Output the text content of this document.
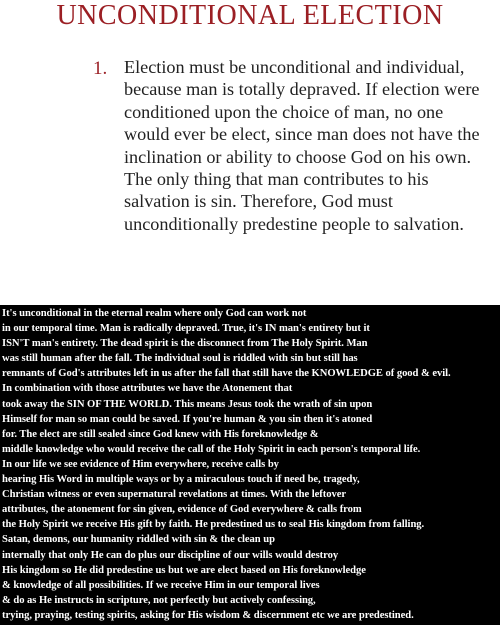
UNCONDITIONAL ELECTION
1. Election must be unconditional and individual, because man is totally depraved. If election were conditioned upon the choice of man, no one would ever be elect, since man does not have the inclination or ability to choose God on his own. The only thing that man contributes to his salvation is sin. Therefore, God must unconditionally predestine people to salvation.
It's unconditional in the eternal realm where only God can work not
in our temporal time. Man is radically depraved. True, it's IN man's entirety but it
ISN'T man's entirety. The dead spirit is the disconnect from The Holy Spirit. Man
was still human after the fall. The individual soul is riddled with sin but still has
remnants of God's attributes left in us after the fall that still have the KNOWLEDGE of good & evil.
In combination with those attributes we have the Atonement that
took away the SIN OF THE WORLD. This means Jesus took the wrath of sin upon
Himself for man so man could be saved. If you're human & you sin then it's atoned
for. The elect are still sealed since God knew with His foreknowledge &
middle knowledge who would receive the call of the Holy Spirit in each person's temporal life.
In our life we see evidence of Him everywhere, receive calls by
hearing His Word in multiple ways or by a miraculous touch if need be, tragedy,
Christian witness or even supernatural revelations at times. With the leftover
attributes, the atonement for sin given, evidence of God everywhere & calls from
the Holy Spirit we receive His gift by faith. He predestined us to seal His kingdom from falling.
Satan, demons, our humanity riddled with sin & the clean up
internally that only He can do plus our discipline of our wills would destroy
His kingdom so He did predestine us but we are elect based on His foreknowledge
& knowledge of all possibilities. If we receive Him in our temporal lives
& do as He instructs in scripture, not perfectly but actively confessing,
trying, praying, testing spirits, asking for His wisdom & discernment etc we are predestined.
